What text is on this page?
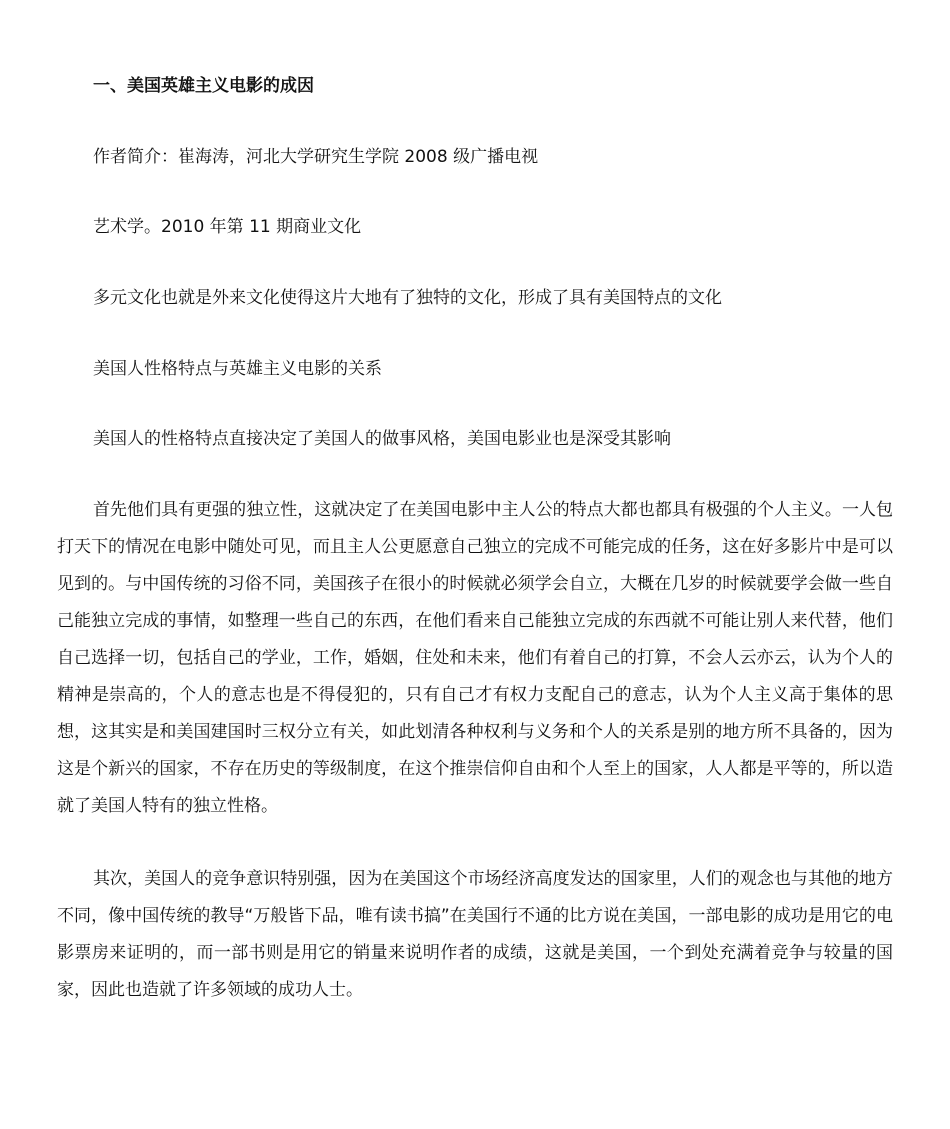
一、美国英雄主义电影的成因
作者简介：崔海涛，河北大学研究生学院 2008 级广播电视
艺术学。2010 年第 11 期商业文化
多元文化也就是外来文化使得这片大地有了独特的文化，形成了具有美国特点的文化
美国人性格特点与英雄主义电影的关系
美国人的性格特点直接决定了美国人的做事风格，美国电影业也是深受其影响

首先他们具有更强的独立性，这就决定了在美国电影中主人公的特点大都也都具有极强的个人主义。一人包打天下的情况在电影中随处可见，而且主人公更愿意自己独立的完成不可能完成的任务，这在好多影片中是可以见到的。与中国传统的习俗不同，美国孩子在很小的时候就必须学会自立，大概在几岁的时候就要学会做一些自己能独立完成的事情，如整理一些自己的东西，在他们看来自己能独立完成的东西就不可能让别人来代替，他们自己选择一切，包括自己的学业，工作，婚姻，住处和未来，他们有着自己的打算，不会人云亦云，认为个人的精神是崇高的，个人的意志也是不得侵犯的，只有自己才有权力支配自己的意志，认为个人主义高于集体的思想，这其实是和美国建国时三权分立有关，如此划清各种权利与义务和个人的关系是别的地方所不具备的，因为这是个新兴的国家，不存在历史的等级制度，在这个推崇信仰自由和个人至上的国家，人人都是平等的，所以造就了美国人特有的独立性格。

其次，美国人的竞争意识特别强，因为在美国这个市场经济高度发达的国家里，人们的观念也与其他的地方不同，像中国传统的教导“万般皆下品，唯有读书搞”在美国行不通的比方说在美国，一部电影的成功是用它的电影票房来证明的，而一部书则是用它的销量来说明作者的成绩，这就是美国，一个到处充满着竞争与较量的国家，因此也造就了许多领域的成功人士。
